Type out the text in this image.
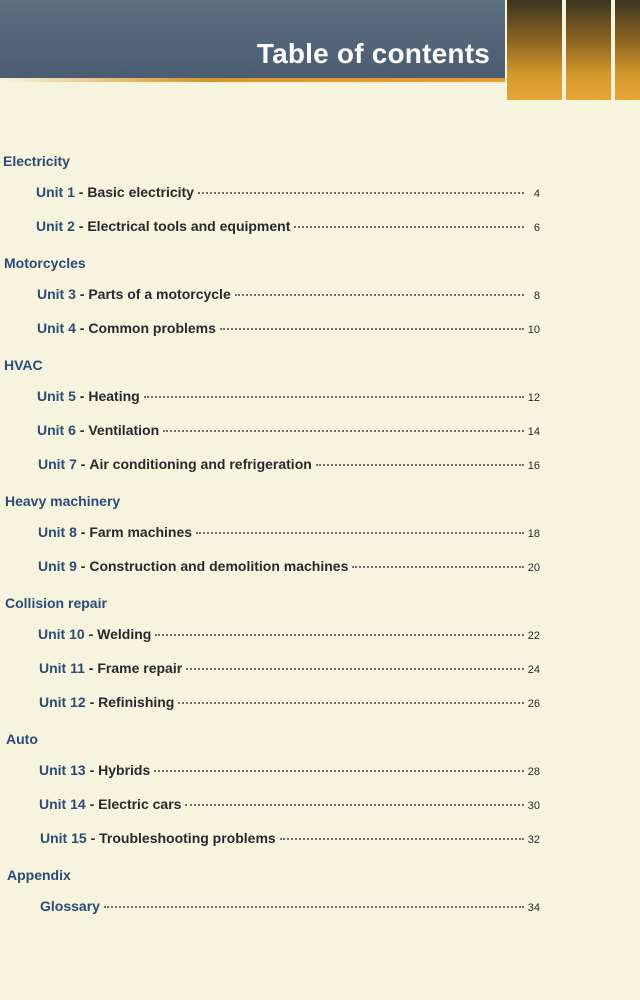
Table of contents
Electricity
Unit 1 - Basic electricity	4
Unit 2 - Electrical tools and equipment	6
Motorcycles
Unit 3 - Parts of a motorcycle	8
Unit 4 - Common problems	10
HVAC
Unit 5 - Heating	12
Unit 6 - Ventilation	14
Unit 7 - Air conditioning and refrigeration	16
Heavy machinery
Unit 8 - Farm machines	18
Unit 9 - Construction and demolition machines	20
Collision repair
Unit 10 - Welding	22
Unit 11 - Frame repair	24
Unit 12 - Refinishing	26
Auto
Unit 13 - Hybrids	28
Unit 14 - Electric cars	30
Unit 15 - Troubleshooting problems	32
Appendix
Glossary	34
